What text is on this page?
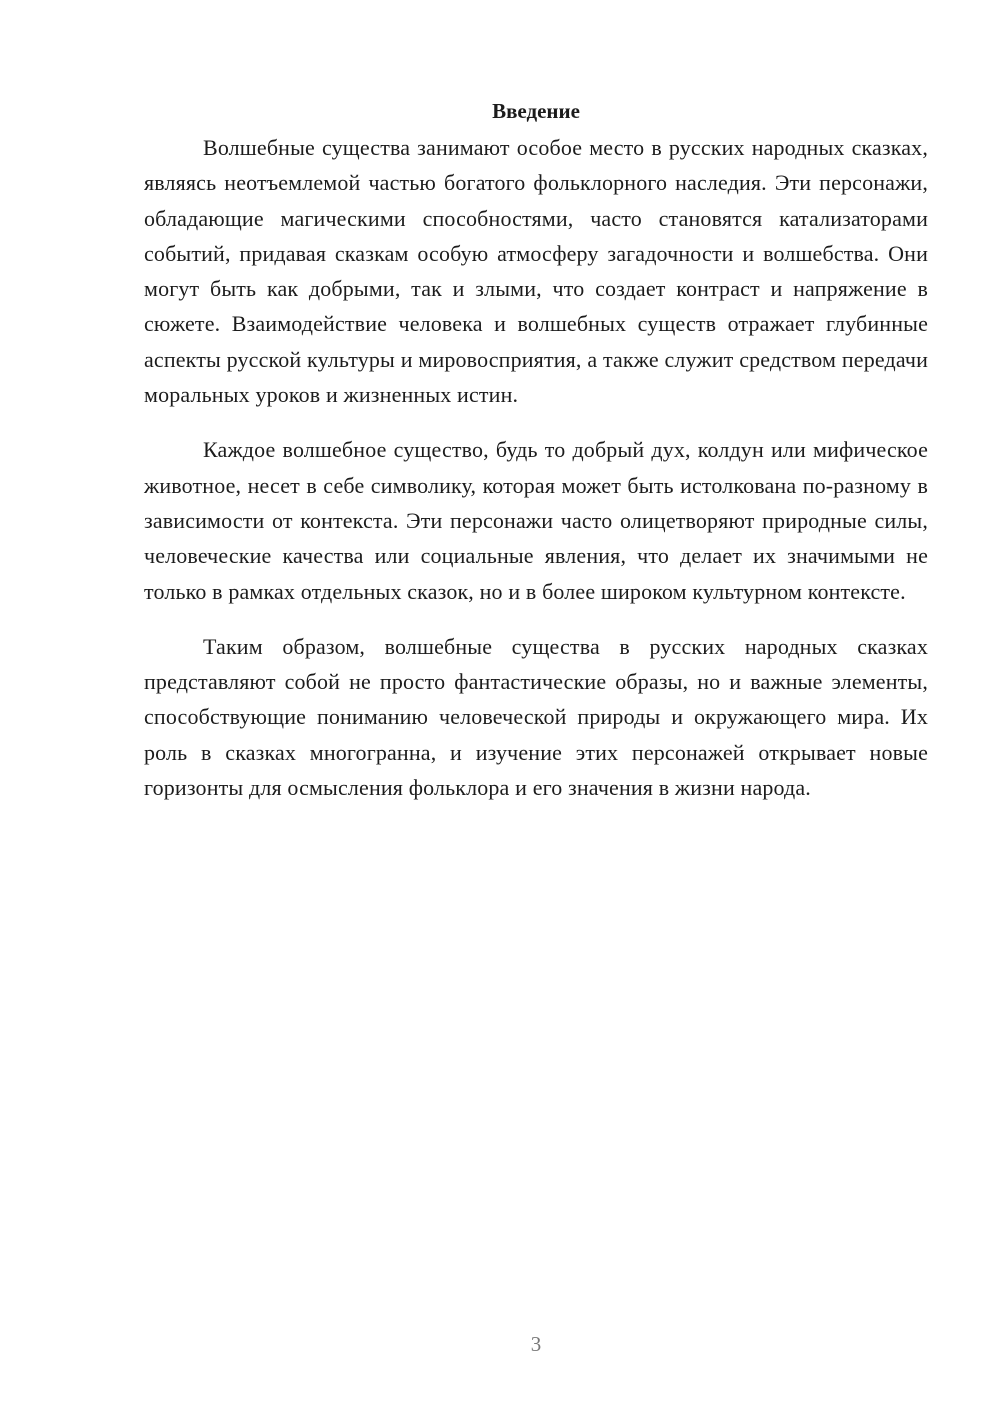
Введение

Волшебные существа занимают особое место в русских народных сказках, являясь неотъемлемой частью богатого фольклорного наследия. Эти персонажи, обладающие магическими способностями, часто становятся катализаторами событий, придавая сказкам особую атмосферу загадочности и волшебства. Они могут быть как добрыми, так и злыми, что создает контраст и напряжение в сюжете. Взаимодействие человека и волшебных существ отражает глубинные аспекты русской культуры и мировосприятия, а также служит средством передачи моральных уроков и жизненных истин.

Каждое волшебное существо, будь то добрый дух, колдун или мифическое животное, несет в себе символику, которая может быть истолкована по-разному в зависимости от контекста. Эти персонажи часто олицетворяют природные силы, человеческие качества или социальные явления, что делает их значимыми не только в рамках отдельных сказок, но и в более широком культурном контексте.

Таким образом, волшебные существа в русских народных сказках представляют собой не просто фантастические образы, но и важные элементы, способствующие пониманию человеческой природы и окружающего мира. Их роль в сказках многогранна, и изучение этих персонажей открывает новые горизонты для осмысления фольклора и его значения в жизни народа.

3
